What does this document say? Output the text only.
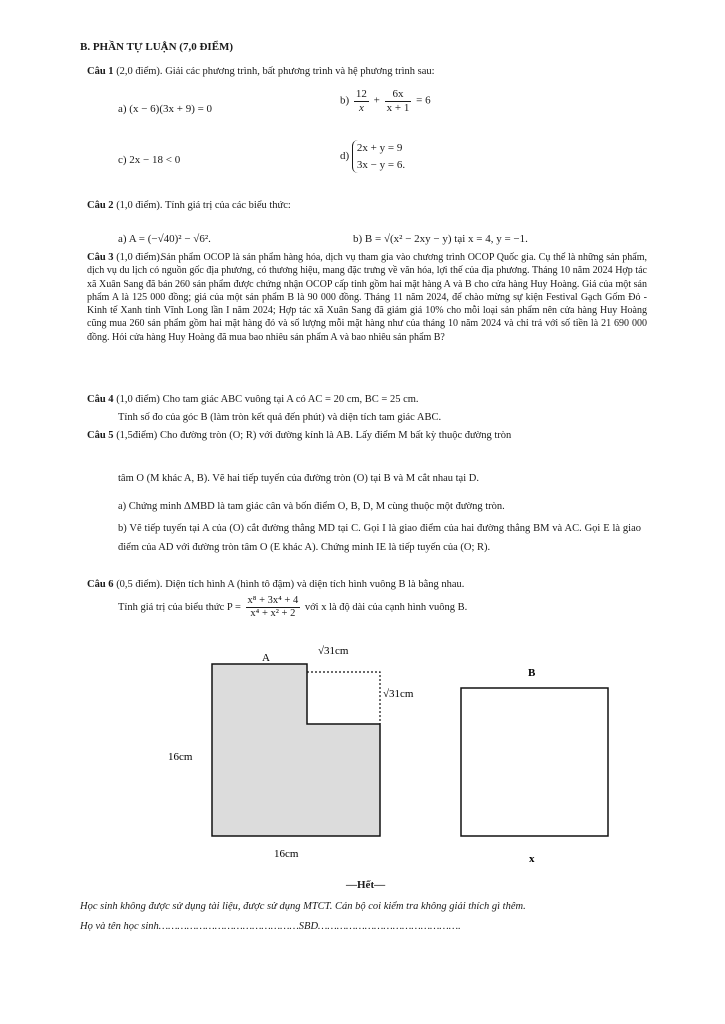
B. PHẦN TỰ LUẬN (7,0 ĐIỂM)
Câu 1 (2,0 điểm). Giải các phương trình, bất phương trình và hệ phương trình sau:
a) (x − 6)(3x + 9) = 0
$b) \frac{12}{x} + \frac{6x}{x + 1} = 6$
c) 2x − 18 < 0	d)
2x + y = 9
3x − y = 6.
Câu 2 (1,0 điểm). Tính giá trị của các biểu thức:
a) A = (−√40)² − √6².	b) B = √(x² − 2xy − y) tại x = 4, y = −1.
Câu 3 (1,0 điểm).
Sản phẩm OCOP là sản phẩm hàng hóa, dịch vụ tham gia vào chương trình OCOP Quốc gia. Cụ thể là những sản phẩm, dịch vụ du lịch có nguồn gốc địa phương, có thương hiệu, mang đặc trưng về văn hóa, lợi thế của địa phương. Tháng 10 năm 2024 Hợp tác xã Xuân Sang đã bán 260 sản phẩm được chứng nhận OCOP cấp tỉnh gồm hai mặt hàng A và B cho cửa hàng Huy Hoàng. Giá của một sản phẩm A là 125 000 đồng; giá của một sản phẩm B là 90 000 đồng. Tháng 11 năm 2024, để chào mừng sự kiện Festival Gạch Gốm Đỏ - Kinh tế Xanh tỉnh Vĩnh Long lần I năm 2024; Hợp tác xã Xuân Sang đã giảm giá 10% cho mỗi loại sản phẩm nên cửa hàng Huy Hoàng cũng mua 260 sản phẩm gồm hai mặt hàng đó và số lượng mỗi mặt hàng như của tháng 10 năm 2024 và chỉ trả với số tiền là 21 690 000 đồng. Hỏi cửa hàng Huy Hoàng đã mua bao nhiêu sản phẩm A và bao nhiêu sản phẩm B?
Câu 4 (1,0 điểm) Cho tam giác ABC vuông tại A có AC = 20 cm, BC = 25 cm.
Tính số đo của góc B (làm tròn kết quả đến phút) và diện tích tam giác ABC.
Câu 5 (1,5điểm) Cho đường tròn (O; R) với đường kính là AB. Lấy điểm M bất kỳ thuộc đường tròn
tâm O (M khác A, B). Vẽ hai tiếp tuyến của đường tròn (O) tại B và M cắt nhau tại D.
a) Chứng minh ΔMBD là tam giác cân và bốn điểm O, B, D, M cùng thuộc một đường tròn.
b) Vẽ tiếp tuyến tại A của (O) cắt đường thẳng MD tại C. Gọi I là giao điểm của hai đường thẳng BM và AC. Gọi E là giao điểm của AD với đường tròn tâm O (E khác A). Chứng minh IE là tiếp tuyến của (O; R).
Câu 6 (0,5 điểm). Diện tích hình A (hình tô đậm) và diện tích hình vuông B là bằng nhau.
Tính giá trị của biểu thức $P = \frac{\text{x⁸ + 3x⁴ + 4}}{\text{x⁴ + x² + 2}}$ với x là độ dài của cạnh hình vuông B.
A
√31cm
√31cm
16cm
16cm
B
x
—Hết—
Học sinh không được sử dụng tài liệu, được sử dụng MTCT. Cán bộ coi kiểm tra không giải thích gì thêm.
Họ và tên học sinh………………………………………SBD……………………………………….
